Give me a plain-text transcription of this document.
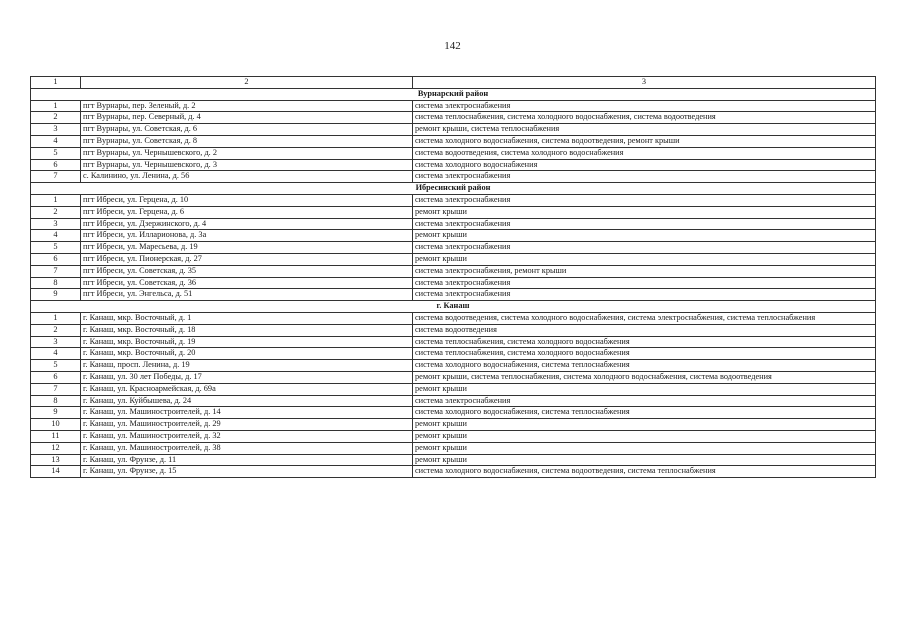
142
1	2	3
Вурнарский район		
1	пгт Вурнары, пер. Зеленый, д. 2	система электроснабжения
2	пгт Вурнары, пер. Северный, д. 4	система теплоснабжения, система холодного водоснабжения, система водоотведения
3	пгт Вурнары, ул. Советская, д. 6	ремонт крыши, система теплоснабжения
4	пгт Вурнары, ул. Советская, д. 8	система холодного водоснабжения, система водоотведения, ремонт крыши
5	пгт Вурнары, ул. Чернышевского, д. 2	система водоотведения, система холодного водоснабжения
6	пгт Вурнары, ул. Чернышевского, д. 3	система холодного водоснабжения
7	с. Калинино, ул. Ленина, д. 56	система электроснабжения
Ибресинский район		
1	пгт Ибреси, ул. Герцена, д. 10	система электроснабжения
2	пгт Ибреси, ул. Герцена, д. 6	ремонт крыши
3	пгт Ибреси, ул. Дзержинского, д. 4	система электроснабжения
4	пгт Ибреси, ул. Илларионова, д. 3а	ремонт крыши
5	пгт Ибреси, ул. Маресьева, д. 19	система электроснабжения
6	пгт Ибреси, ул. Пионерская, д. 27	ремонт крыши
7	пгт Ибреси, ул. Советская, д. 35	система электроснабжения, ремонт крыши
8	пгт Ибреси, ул. Советская, д. 36	система электроснабжения
9	пгт Ибреси, ул. Энгельса, д. 51	система электроснабжения
г. Канаш		
1	г. Канаш, мкр. Восточный, д. 1	система водоотведения, система холодного водоснабжения, система электроснабжения, система теплоснабжения
2	г. Канаш, мкр. Восточный, д. 18	система водоотведения
3	г. Канаш, мкр. Восточный, д. 19	система теплоснабжения, система холодного водоснабжения
4	г. Канаш, мкр. Восточный, д. 20	система теплоснабжения, система холодного водоснабжения
5	г. Канаш, просп. Ленина, д. 19	система холодного водоснабжения, система теплоснабжения
6	г. Канаш, ул. 30 лет Победы, д. 17	ремонт крыши, система теплоснабжения, система холодного водоснабжения, система водоотведения
7	г. Канаш, ул. Красноармейская, д. 69а	ремонт крыши
8	г. Канаш, ул. Куйбышева, д. 24	система электроснабжения
9	г. Канаш, ул. Машиностроителей, д. 14	система холодного водоснабжения, система теплоснабжения
10	г. Канаш, ул. Машиностроителей, д. 29	ремонт крыши
11	г. Канаш, ул. Машиностроителей, д. 32	ремонт крыши
12	г. Канаш, ул. Машиностроителей, д. 38	ремонт крыши
13	г. Канаш, ул. Фрунзе, д. 11	ремонт крыши
14	г. Канаш, ул. Фрунзе, д. 15	система холодного водоснабжения, система водоотведения, система теплоснабжения
